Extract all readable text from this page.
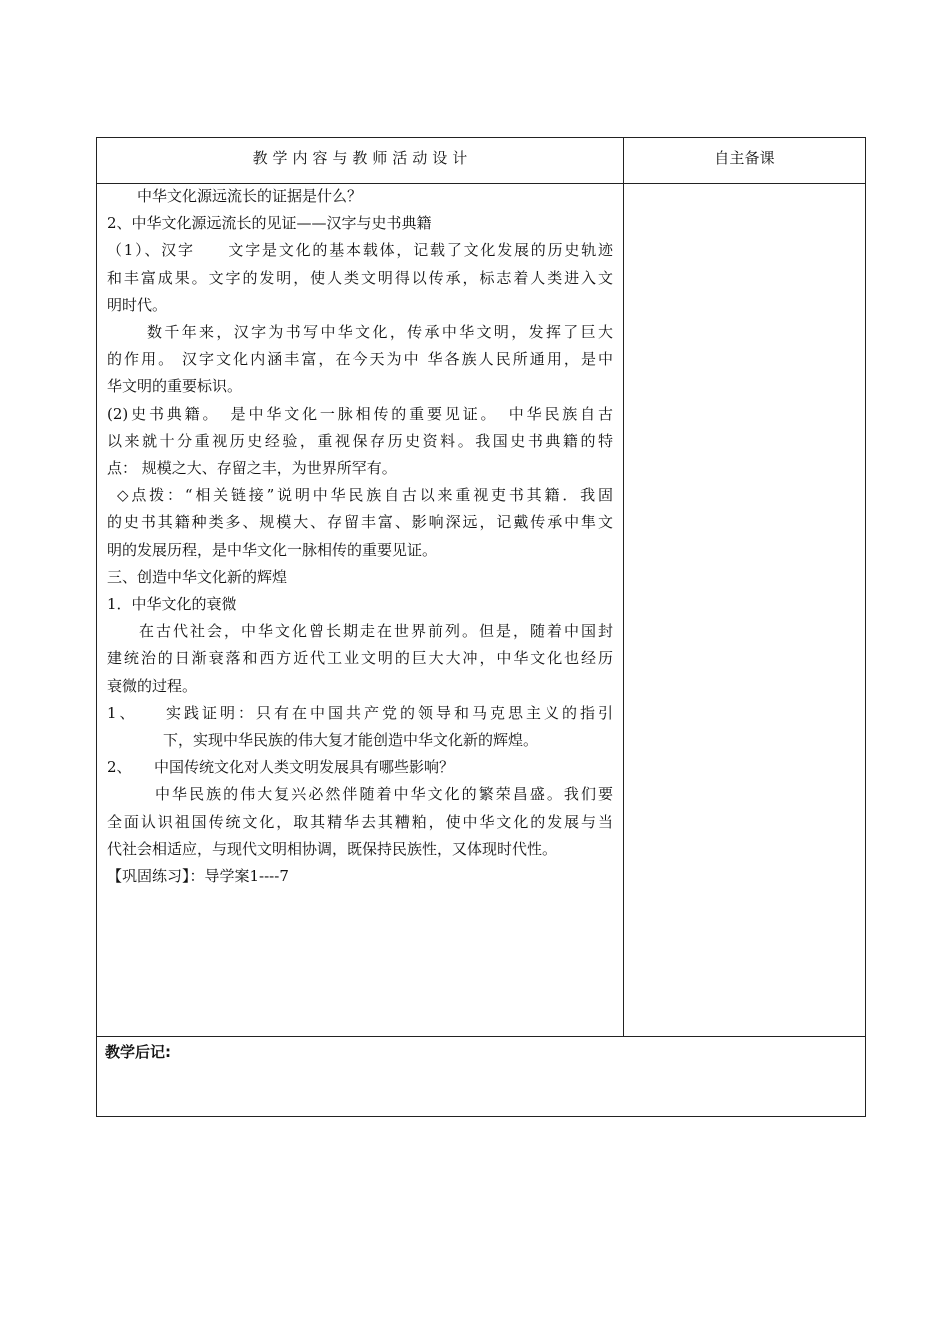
教 学 内 容 与 教 师 活 动 设 计	自主备课
中华文化源远流长的证据是什么？
2、中华文化源远流长的见证——汉字与史书典籍
（1）、汉字　　文字是文化的基本载体，记载了文化发展的历史轨迹
和丰富成果。文字的发明，使人类文明得以传承，标志着人类进入文
明时代。
数千年来，汉字为书写中华文化，传承中华文明，发挥了巨大
的作用。 汉字文化内涵丰富，在今天为中 华各族人民所通用，是中
华文明的重要标识。
(2)史书典籍。　是中华文化一脉相传的重要见证。　中华民族自古
以来就十分重视历史经验，重视保存历史资料。我国史书典籍的特
点： 规模之大、存留之丰，为世界所罕有。
◇点拨：“相关链接”说明中华民族自古以来重视吏书其籍．我固
的史书其籍种类多、规模大、存留丰富、影响深远，记戴传承中隼文
明的发展历程，是中华文化一脉相传的重要见证。
三、创造中华文化新的辉煌
1．中华文化的衰微
在古代社会，中华文化曾长期走在世界前列。但是，随着中国封
建统治的日渐衰落和西方近代工业文明的巨大大冲，中华文化也经历
衰微的过程。
1、　　实践证明：只有在中国共产党的领导和马克思主义的指引
下，实现中华民族的伟大复才能创造中华文化新的辉煌。
2、　　中国传统文化对人类文明发展具有哪些影响？
中华民族的伟大复兴必然伴随着中华文化的繁荣昌盛。我们要
全面认识祖国传统文化，取其精华去其糟粕，使中华文化的发展与当
代社会相适应，与现代文明相协调，既保持民族性，又体现时代性。
【巩固练习】：导学案1----7
教学后记:
